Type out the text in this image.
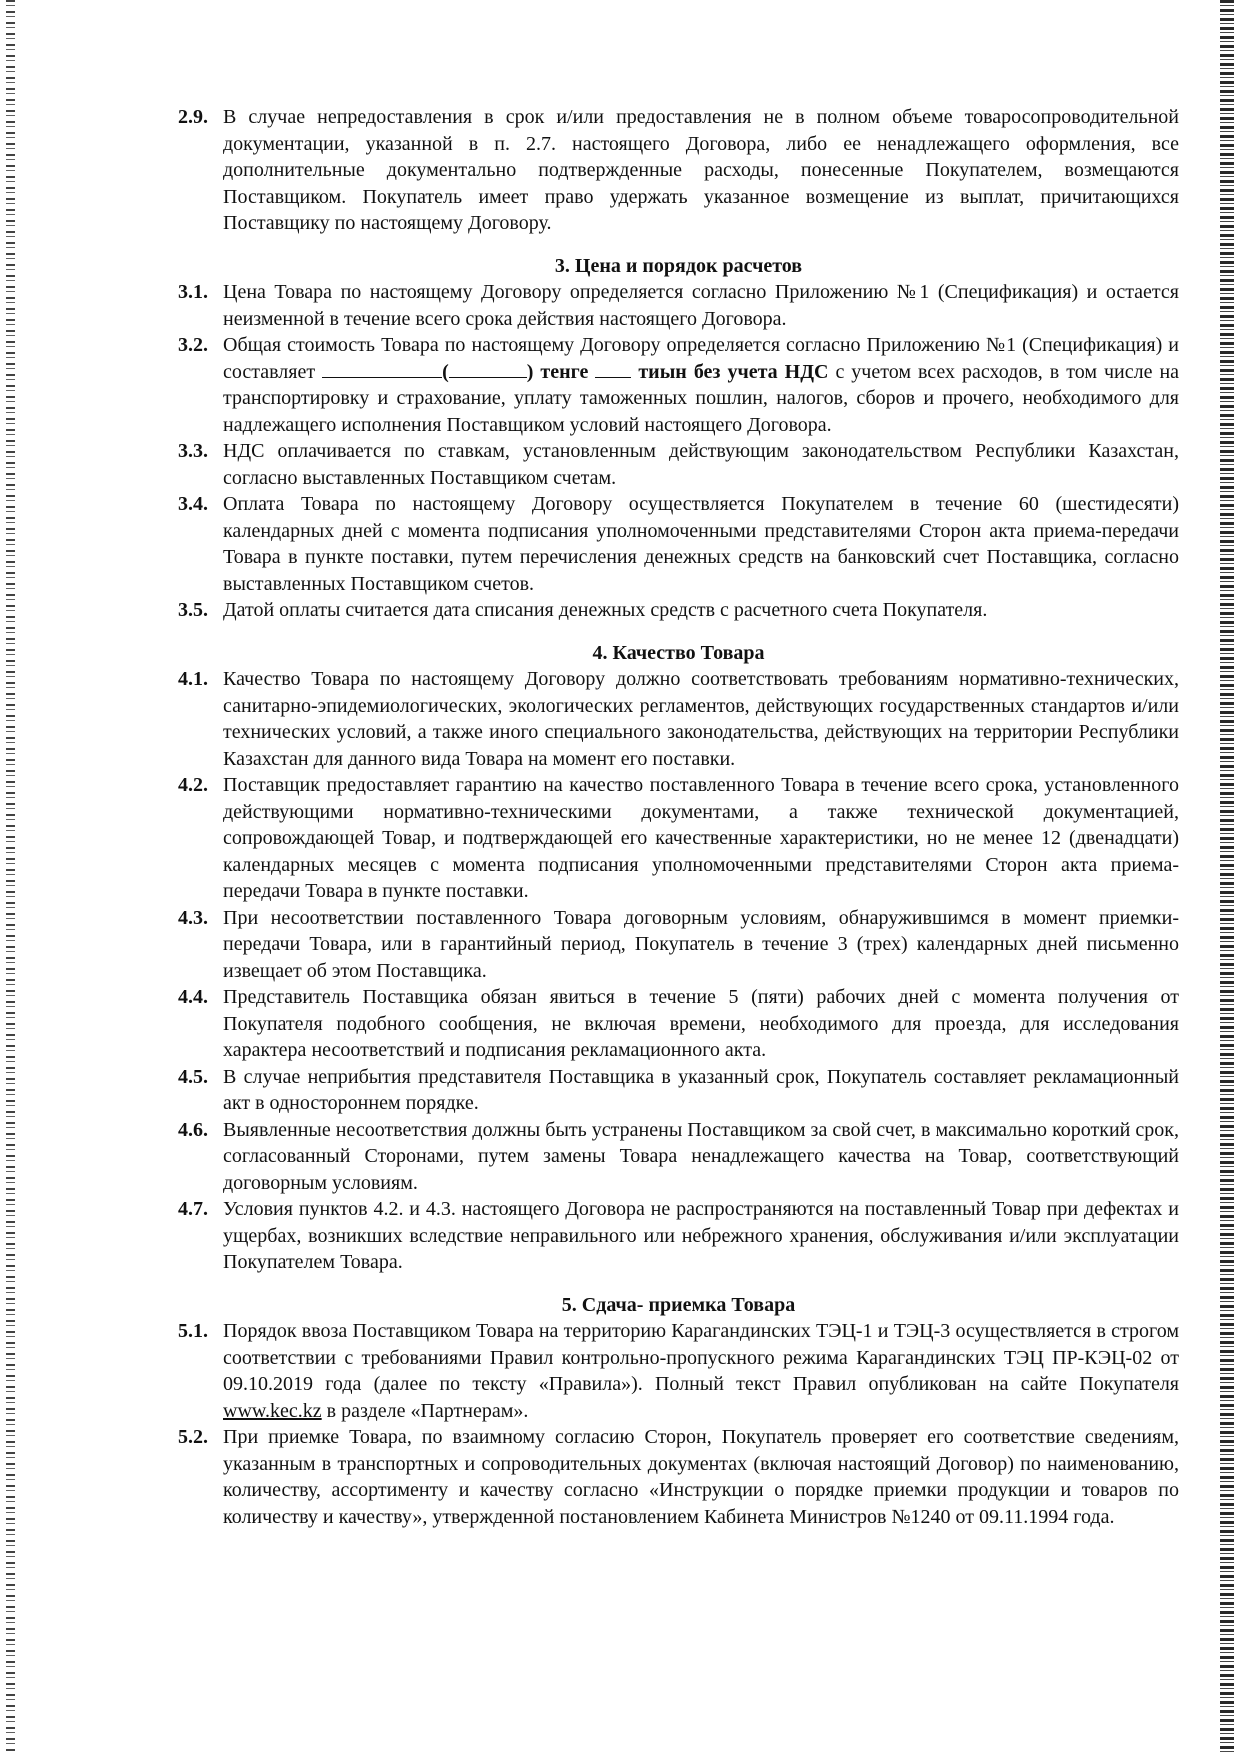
2.9. В случае непредоставления в срок и/или предоставления не в полном объеме товаросопроводительной документации, указанной в п. 2.7. настоящего Договора, либо ее ненадлежащего оформления, все дополнительные документально подтвержденные расходы, понесенные Покупателем, возмещаются Поставщиком. Покупатель имеет право удержать указанное возмещение из выплат, причитающихся Поставщику по настоящему Договору.
3. Цена и порядок расчетов
3.1. Цена Товара по настоящему Договору определяется согласно Приложению №1 (Спецификация) и остается неизменной в течение всего срока действия настоящего Договора.
3.2. Общая стоимость Товара по настоящему Договору определяется согласно Приложению №1 (Спецификация) и составляет	(	) тенге	тиын без учета НДС с учетом всех расходов, в том числе на транспортировку и страхование, уплату таможенных пошлин, налогов, сборов и прочего, необходимого для надлежащего исполнения Поставщиком условий настоящего Договора.
3.3. НДС оплачивается по ставкам, установленным действующим законодательством Республики Казахстан, согласно выставленных Поставщиком счетам.
3.4. Оплата Товара по настоящему Договору осуществляется Покупателем в течение 60 (шестидесяти) календарных дней с момента подписания уполномоченными представителями Сторон акта приема-передачи Товара в пункте поставки, путем перечисления денежных средств на банковский счет Поставщика, согласно выставленных Поставщиком счетов.
3.5. Датой оплаты считается дата списания денежных средств с расчетного счета Покупателя.
4. Качество Товара
4.1. Качество Товара по настоящему Договору должно соответствовать требованиям нормативно-технических, санитарно-эпидемиологических, экологических регламентов, действующих государственных стандартов и/или технических условий, а также иного специального законодательства, действующих на территории Республики Казахстан для данного вида Товара на момент его поставки.
4.2. Поставщик предоставляет гарантию на качество поставленного Товара в течение всего срока, установленного действующими нормативно-техническими документами, а также технической документацией, сопровождающей Товар, и подтверждающей его качественные характеристики, но не менее 12 (двенадцати) календарных месяцев с момента подписания уполномоченными представителями Сторон акта приема-передачи Товара в пункте поставки.
4.3. При несоответствии поставленного Товара договорным условиям, обнаружившимся в момент приемки-передачи Товара, или в гарантийный период, Покупатель в течение 3 (трех) календарных дней письменно извещает об этом Поставщика.
4.4. Представитель Поставщика обязан явиться в течение 5 (пяти) рабочих дней с момента получения от Покупателя подобного сообщения, не включая времени, необходимого для проезда, для исследования характера несоответствий и подписания рекламационного акта.
4.5. В случае неприбытия представителя Поставщика в указанный срок, Покупатель составляет рекламационный акт в одностороннем порядке.
4.6. Выявленные несоответствия должны быть устранены Поставщиком за свой счет, в максимально короткий срок, согласованный Сторонами, путем замены Товара ненадлежащего качества на Товар, соответствующий договорным условиям.
4.7. Условия пунктов 4.2. и 4.3. настоящего Договора не распространяются на поставленный Товар при дефектах и ущербах, возникших вследствие неправильного или небрежного хранения, обслуживания и/или эксплуатации Покупателем Товара.
5. Сдача- приемка Товара
5.1. Порядок ввоза Поставщиком Товара на территорию Карагандинских ТЭЦ-1 и ТЭЦ-3 осуществляется в строгом соответствии с требованиями Правил контрольно-пропускного режима Карагандинских ТЭЦ ПР-КЭЦ-02 от 09.10.2019 года (далее по тексту «Правила»). Полный текст Правил опубликован на сайте Покупателя www.kec.kz в разделе «Партнерам».
5.2. При приемке Товара, по взаимному согласию Сторон, Покупатель проверяет его соответствие сведениям, указанным в транспортных и сопроводительных документах (включая настоящий Договор) по наименованию, количеству, ассортименту и качеству согласно «Инструкции о порядке приемки продукции и товаров по количеству и качеству», утвержденной постановлением Кабинета Министров №1240 от 09.11.1994 года.
